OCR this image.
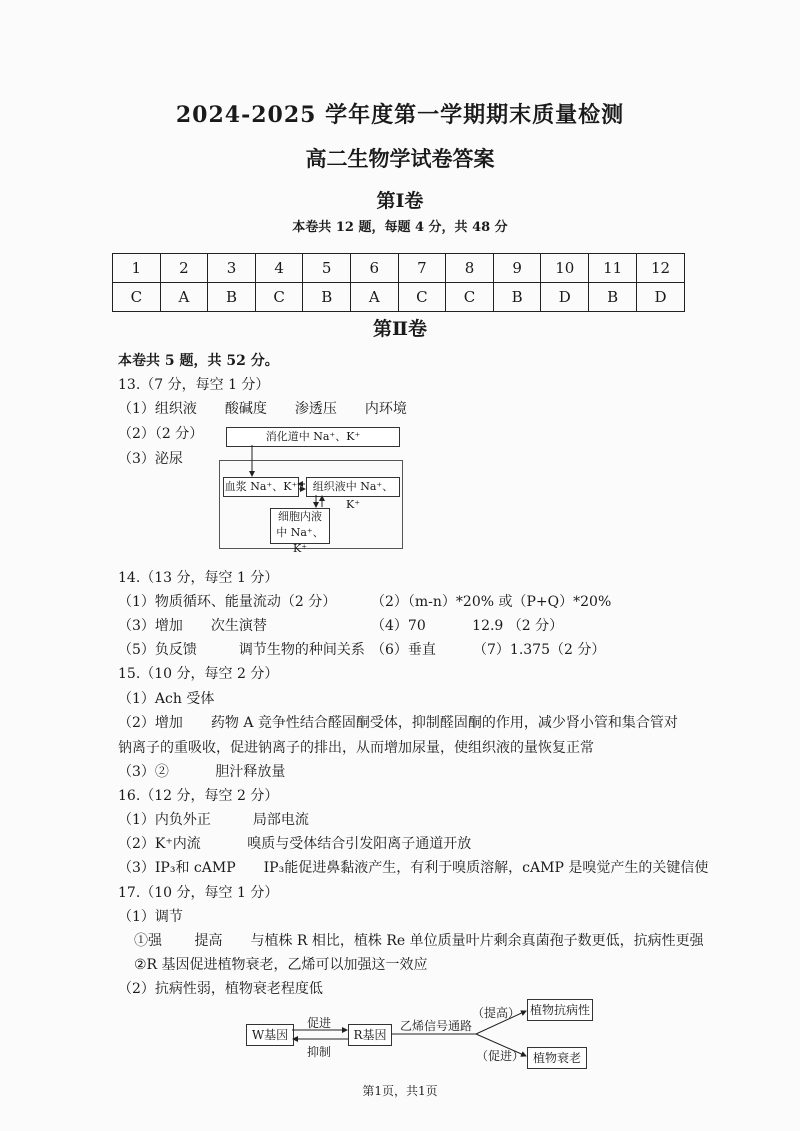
2024-2025 学年度第一学期期末质量检测
高二生物学试卷答案
第Ⅰ卷
本卷共 12 题，每题 4 分，共 48 分
1	2	3	4	5	6	7	8	9	10	11	12
C	A	B	C	B	A	C	C	B	D	B	D
第Ⅱ卷
本卷共 5 题，共 52 分。
13.（7 分，每空 1 分）
（1）组织液　　酸碱度　　渗透压　　内环境
（2）（2 分）
（3）泌尿
消化道中 Na⁺、K⁺
血浆 Na⁺、K⁺	组织液中 Na⁺、K⁺
细胞内液
中 Na⁺、K⁺
14.（13 分，每空 1 分）
（1）物质循环、能量流动（2 分） （2）（m-n）*20% 或（P+Q）*20%
（3）增加　　次生演替	（4）70　　　 12.9 （2 分）
（5）负反馈　　　调节生物的种间关系 （6）垂直	（7）1.375（2 分）
15.（10 分，每空 2 分）
（1）Ach 受体
（2）增加　　药物 A 竞争性结合醛固酮受体，抑制醛固酮的作用，减少肾小管和集合管对
钠离子的重吸收，促进钠离子的排出，从而增加尿量，使组织液的量恢复正常
（3）②　　　 胆汁释放量
16.（12 分，每空 2 分）
（1）内负外正　　　局部电流
（2）K⁺内流　　　 嗅质与受体结合引发阳离子通道开放
（3）IP₃和 cAMP　　IP₃能促进鼻黏液产生，有利于嗅质溶解，cAMP 是嗅觉产生的关键信使
17.（10 分，每空 1 分）
（1）调节
①强　　 提高　　与植株 R 相比，植株 Re 单位质量叶片剩余真菌孢子数更低，抗病性更强
②R 基因促进植物衰老，乙烯可以加强这一效应
（2）抗病性弱，植物衰老程度低
W基因	R基因
植物抗病性
植物衰老
促进
抑制
乙烯信号通路
（提高）
（促进）
第1页，共1页
